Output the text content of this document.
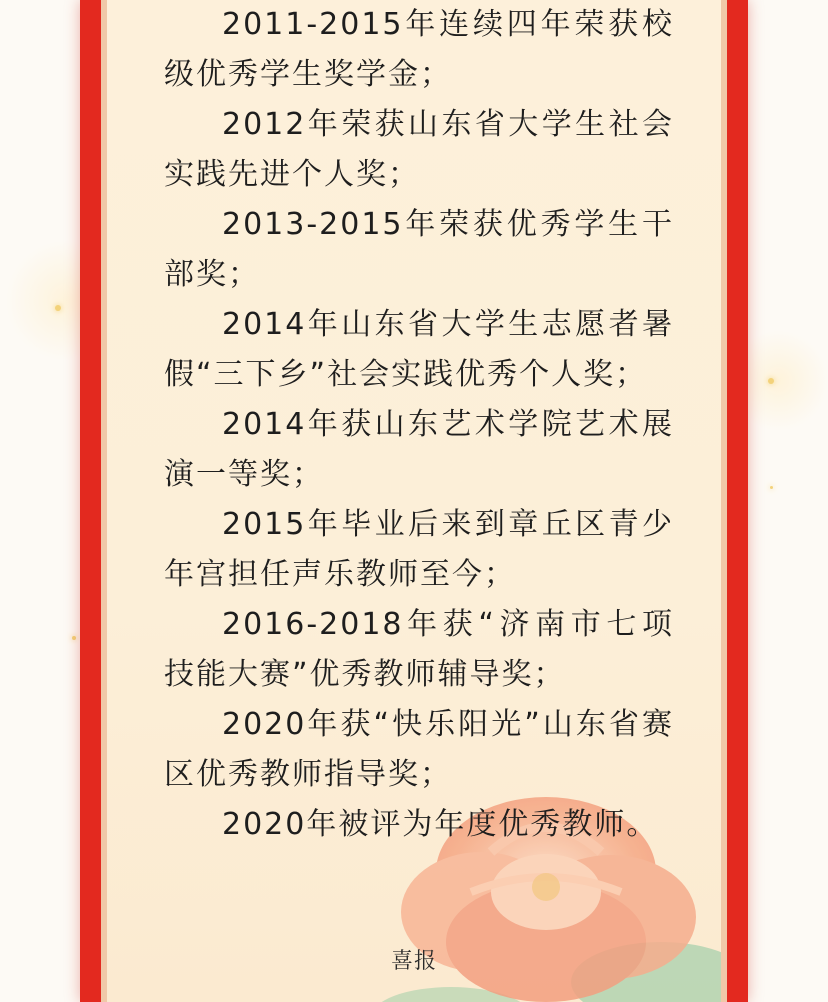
2011-2015年连续四年荣获校级优秀学生奖学金；

2012年荣获山东省大学生社会实践先进个人奖；

2013-2015年荣获优秀学生干部奖；

2014年山东省大学生志愿者暑假“三下乡”社会实践优秀个人奖；

2014年获山东艺术学院艺术展演一等奖；

2015年毕业后来到章丘区青少年宫担任声乐教师至今；

2016-2018年获“济南市七项技能大赛”优秀教师辅导奖；

2020年获“快乐阳光”山东省赛区优秀教师指导奖；

2020年被评为年度优秀教师。

喜报
